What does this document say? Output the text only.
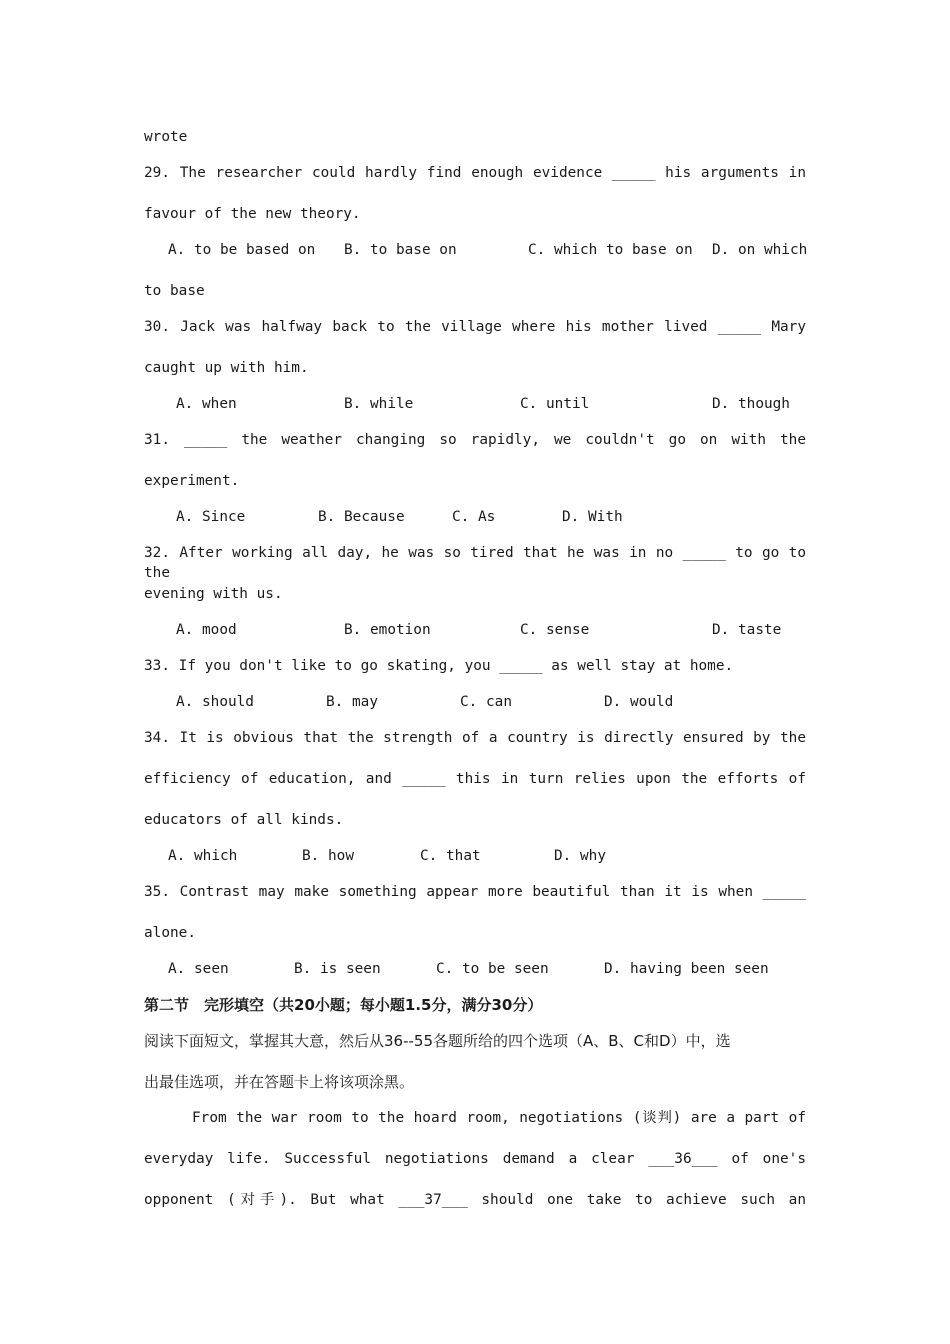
wrote
29. The researcher could hardly find enough evidence _____ his arguments in
favour of the new theory.
A. to be based on B. to base on	C. which to base on D. on which
to base
30. Jack was halfway back to the village where his mother lived _____ Mary
caught up with him.
A. when	B. while	C. until	D. though
31. _____ the weather changing so rapidly, we couldn't go on with the
experiment.
A. Since	B. Because	C. As	D. With
32. After working all day, he was so tired that he was in no _____ to go to the
evening with us.
A. mood	B. emotion	C. sense	D. taste
33. If you don't like to go skating, you _____ as well stay at home.
A. should	B. may	C. can	D. would
34. It is obvious that the strength of a country is directly ensured by the
efficiency of education, and _____ this in turn relies upon the efforts of
educators of all kinds.
A. which	B. how	C. that	D. why
35. Contrast may make something appear more beautiful than it is when _____
alone.
A. seen	B. is seen	C. to be seen	D. having been seen
第二节　完形填空（共20小题；每小题1.5分，满分30分）
阅读下面短文，掌握其大意，然后从36--55各题所给的四个选项（A、B、C和D）中，选
出最佳选项，并在答题卡上将该项涂黑。
From the war room to the hoard room, negotiations (谈判) are a part of
everyday life. Successful negotiations demand a clear ___36___ of one's
opponent (对手). But what ___37___ should one take to achieve such an
